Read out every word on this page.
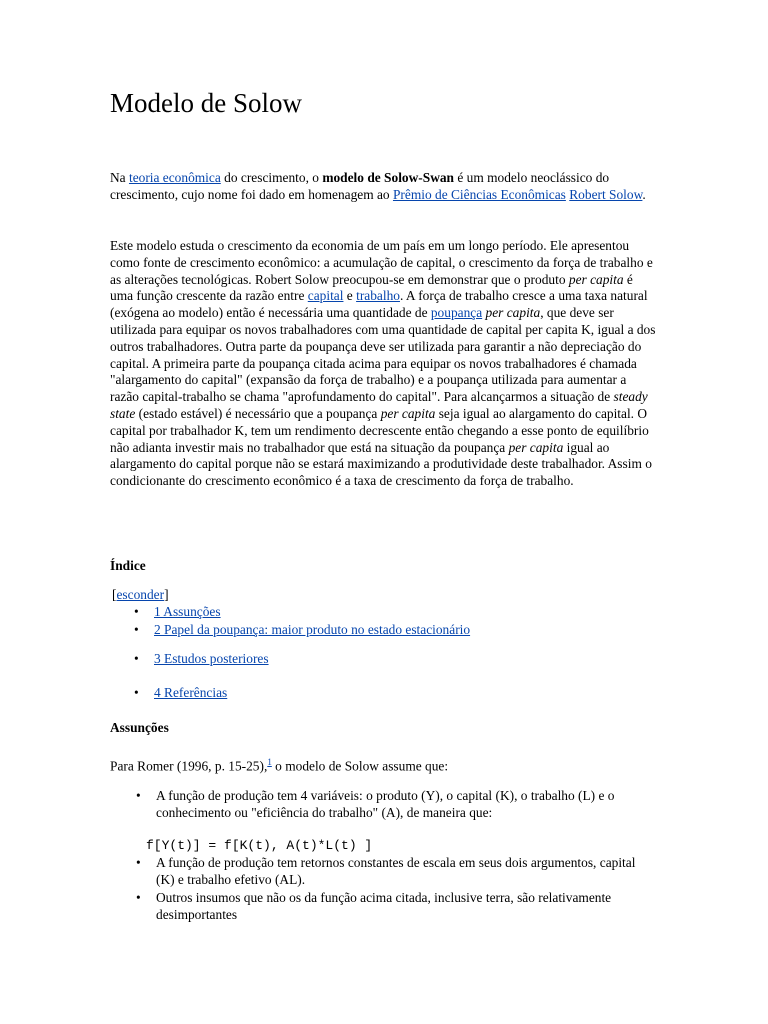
Modelo de Solow

Na teoria econômica do crescimento, o modelo de Solow-Swan é um modelo neoclássico do crescimento, cujo nome foi dado em homenagem ao Prêmio de Ciências Econômicas Robert Solow.

Este modelo estuda o crescimento da economia de um país em um longo período. Ele apresentou como fonte de crescimento econômico: a acumulação de capital, o crescimento da força de trabalho e as alterações tecnológicas. Robert Solow preocupou-se em demonstrar que o produto per capita é uma função crescente da razão entre capital e trabalho. A força de trabalho cresce a uma taxa natural (exógena ao modelo) então é necessária uma quantidade de poupança per capita, que deve ser utilizada para equipar os novos trabalhadores com uma quantidade de capital per capita K, igual a dos outros trabalhadores. Outra parte da poupança deve ser utilizada para garantir a não depreciação do capital. A primeira parte da poupança citada acima para equipar os novos trabalhadores é chamada "alargamento do capital" (expansão da força de trabalho) e a poupança utilizada para aumentar a razão capital-trabalho se chama "aprofundamento do capital". Para alcançarmos a situação de steady state (estado estável) é necessário que a poupança per capita seja igual ao alargamento do capital. O capital por trabalhador K, tem um rendimento decrescente então chegando a esse ponto de equilíbrio não adianta investir mais no trabalhador que está na situação da poupança per capita igual ao alargamento do capital porque não se estará maximizando a produtividade deste trabalhador. Assim o condicionante do crescimento econômico é a taxa de crescimento da força de trabalho.

Índice
[esconder]
• 1 Assunções
• 2 Papel da poupança: maior produto no estado estacionário
• 3 Estudos posteriores
• 4 Referências
Assunções

Para Romer (1996, p. 15-25),$^1$ o modelo de Solow assume que:

• A função de produção tem 4 variáveis: o produto (Y), o capital (K), o trabalho (L) e o conhecimento ou "eficiência do trabalho" (A), de maneira que:
f[Y(t)] = f[K(t), A(t)*L(t) ]
• A função de produção tem retornos constantes de escala em seus dois argumentos, capital (K) e trabalho efetivo (AL).
• Outros insumos que não os da função acima citada, inclusive terra, são relativamente desimportantes
